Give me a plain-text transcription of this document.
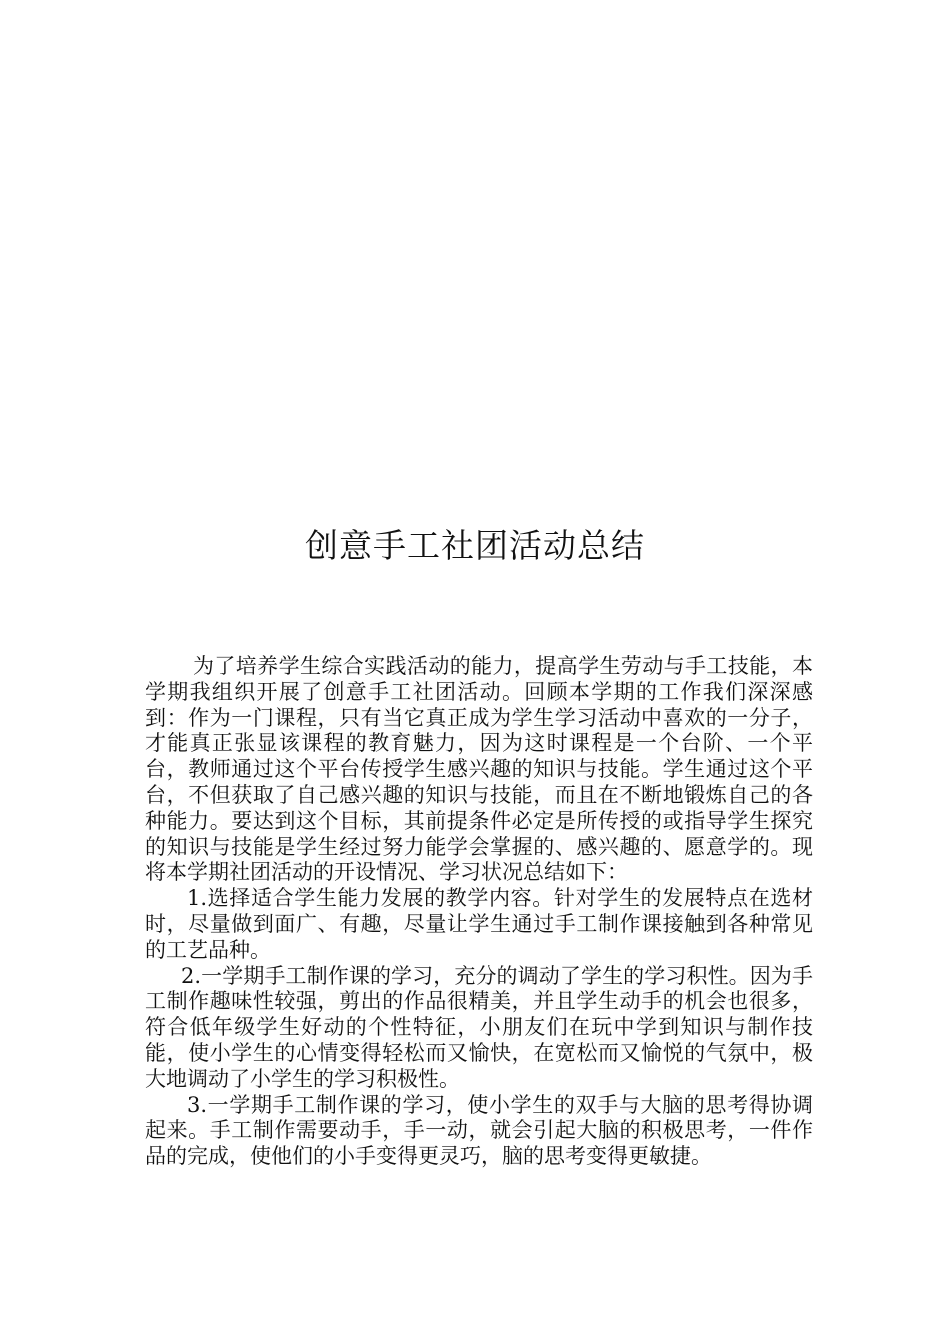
创意手工社团活动总结

为了培养学生综合实践活动的能力，提高学生劳动与手工技能，本学期我组织开展了创意手工社团活动。回顾本学期的工作我们深深感到：作为一门课程，只有当它真正成为学生学习活动中喜欢的一分子，才能真正张显该课程的教育魅力，因为这时课程是一个台阶、一个平台，教师通过这个平台传授学生感兴趣的知识与技能。学生通过这个平台，不但获取了自己感兴趣的知识与技能，而且在不断地锻炼自己的各种能力。要达到这个目标，其前提条件必定是所传授的或指导学生探究的知识与技能是学生经过努力能学会掌握的、感兴趣的、愿意学的。现将本学期社团活动的开设情况、学习状况总结如下：

1.选择适合学生能力发展的教学内容。针对学生的发展特点在选材时，尽量做到面广、有趣，尽量让学生通过手工制作课接触到各种常见的工艺品种。

2.一学期手工制作课的学习，充分的调动了学生的学习积性。因为手工制作趣味性较强，剪出的作品很精美，并且学生动手的机会也很多，符合低年级学生好动的个性特征，小朋友们在玩中学到知识与制作技能，使小学生的心情变得轻松而又愉快，在宽松而又愉悦的气氛中，极大地调动了小学生的学习积极性。

3.一学期手工制作课的学习，使小学生的双手与大脑的思考得协调起来。手工制作需要动手，手一动，就会引起大脑的积极思考，一件作品的完成，使他们的小手变得更灵巧，脑的思考变得更敏捷。
